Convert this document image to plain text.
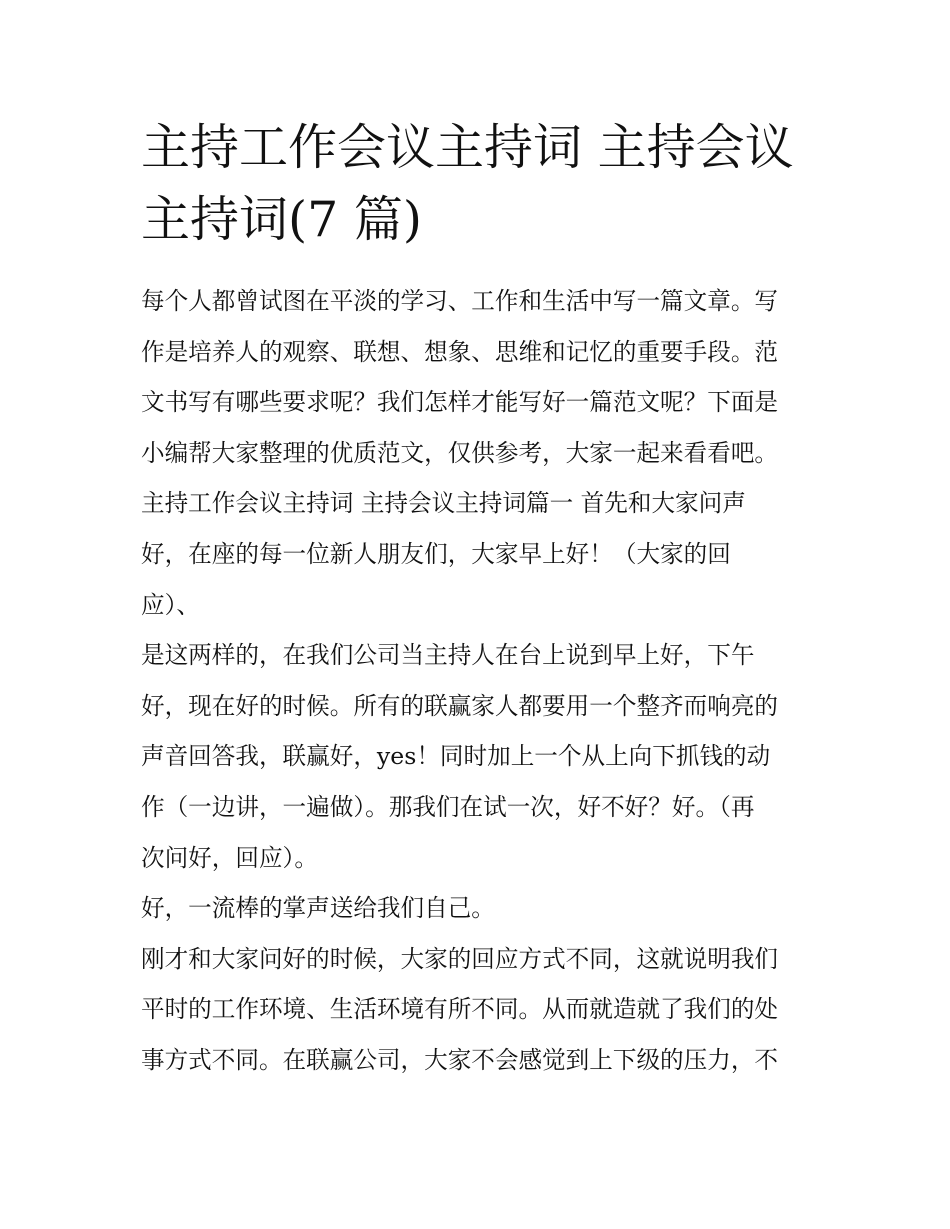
主持工作会议主持词 主持会议
主持词(7 篇)
每个人都曾试图在平淡的学习、工作和生活中写一篇文章。写
作是培养人的观察、联想、想象、思维和记忆的重要手段。范
文书写有哪些要求呢？我们怎样才能写好一篇范文呢？下面是
小编帮大家整理的优质范文，仅供参考，大家一起来看看吧。
主持工作会议主持词 主持会议主持词篇一 首先和大家问声
好，在座的每一位新人朋友们，大家早上好！（大家的回
应）、
是这两样的，在我们公司当主持人在台上说到早上好，下午
好，现在好的时候。所有的联赢家人都要用一个整齐而响亮的
声音回答我，联赢好，yes！同时加上一个从上向下抓钱的动
作（一边讲，一遍做）。那我们在试一次，好不好？好。（再
次问好，回应）。
好，一流棒的掌声送给我们自己。
刚才和大家问好的时候，大家的回应方式不同，这就说明我们
平时的工作环境、生活环境有所不同。从而就造就了我们的处
事方式不同。在联赢公司，大家不会感觉到上下级的压力，不
